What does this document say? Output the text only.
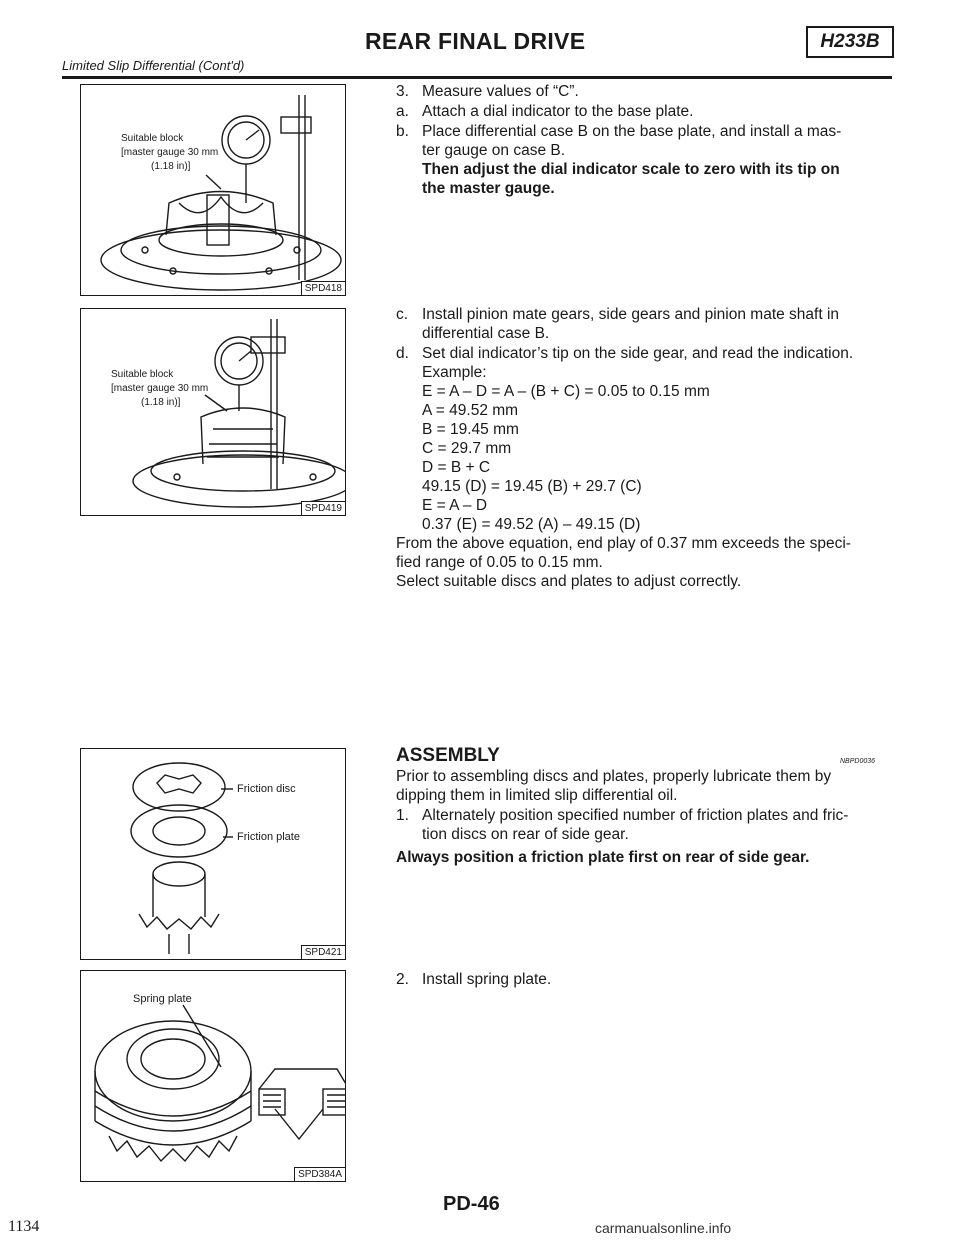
REAR FINAL DRIVE
Limited Slip Differential (Cont'd)
H233B
Suitable block
[master gauge 30 mm
(1.18 in)]
SPD418
Suitable block
[master gauge 30 mm
(1.18 in)]
SPD419
Friction disc
Friction plate
SPD421
Spring plate
SPD384A
3. Measure values of “C”.
a. Attach a dial indicator to the base plate.
b. Place differential case B on the base plate, and install a mas-
ter gauge on case B.
Then adjust the dial indicator scale to zero with its tip on
the master gauge.
c. Install pinion mate gears, side gears and pinion mate shaft in
differential case B.
d. Set dial indicator’s tip on the side gear, and read the indication.
Example:
E = A – D = A – (B + C) = 0.05 to 0.15 mm
A = 49.52 mm
B = 19.45 mm
C = 29.7 mm
D = B + C
49.15 (D) = 19.45 (B) + 29.7 (C)
E = A – D
0.37 (E) = 49.52 (A) – 49.15 (D)
From the above equation, end play of 0.37 mm exceeds the speci-
fied range of 0.05 to 0.15 mm.
Select suitable discs and plates to adjust correctly.
ASSEMBLY	NBPD0036
Prior to assembling discs and plates, properly lubricate them by
dipping them in limited slip differential oil.
1. Alternately position specified number of friction plates and fric-
tion discs on rear of side gear.
Always position a friction plate first on rear of side gear.
2. Install spring plate.
PD-46
1134	carmanualsonline.info
